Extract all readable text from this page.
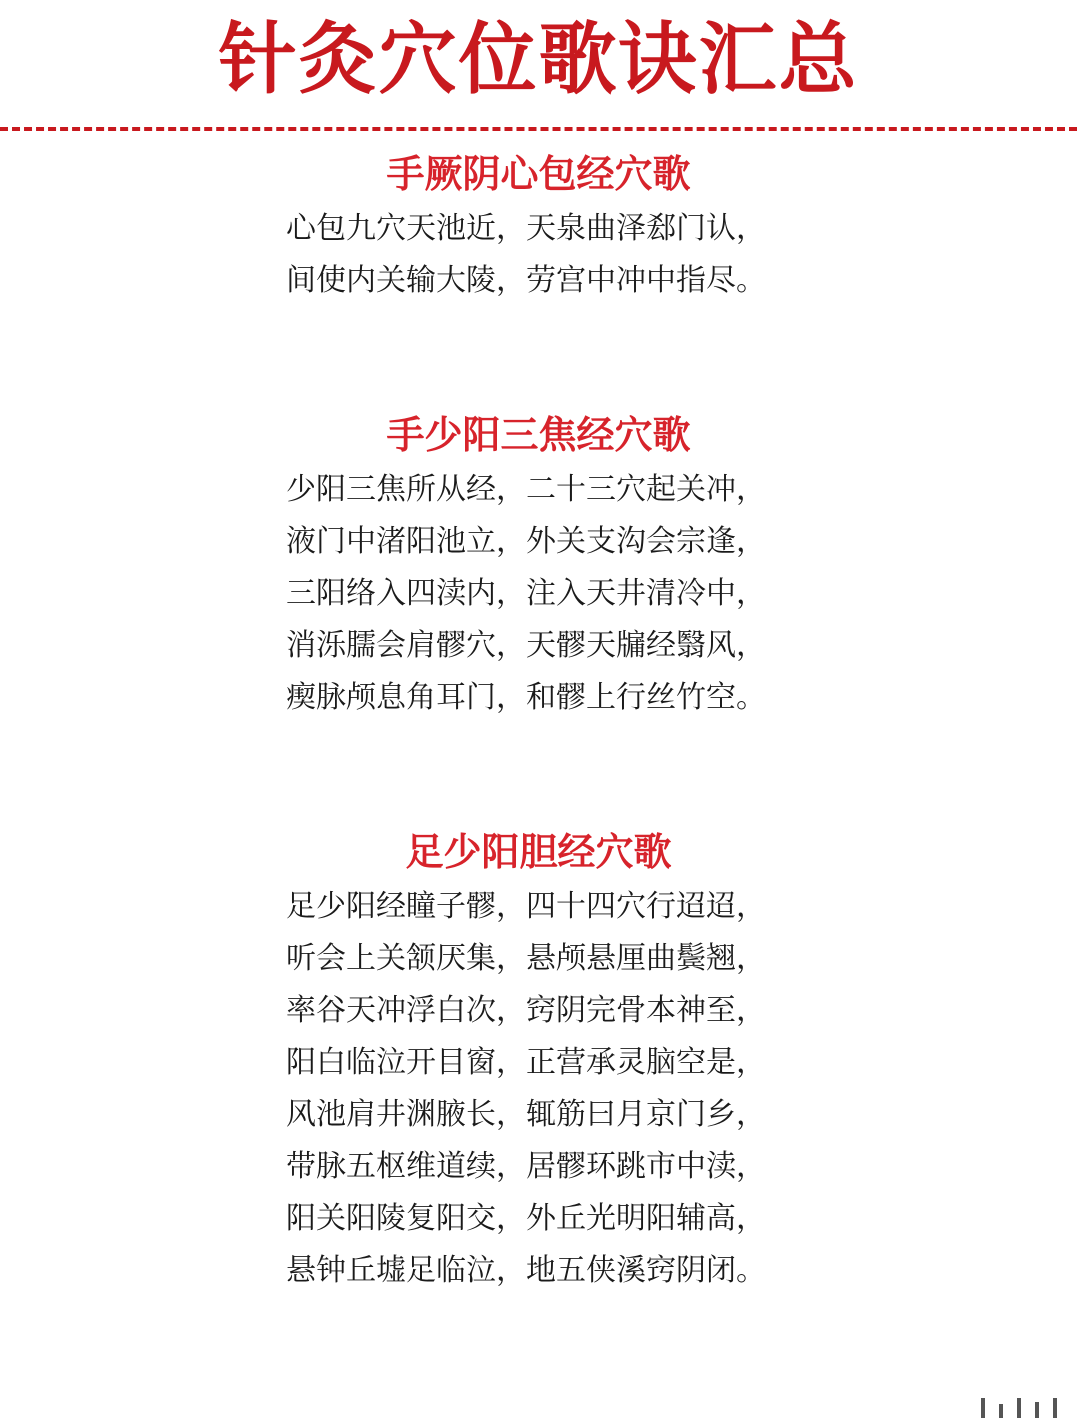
针灸穴位歌诀汇总
手厥阴心包经穴歌

心包九穴天池近，天泉曲泽郄门认，

间使内关输大陵，劳宫中冲中指尽。

手少阳三焦经穴歌

少阳三焦所从经，二十三穴起关冲，

液门中渚阳池立，外关支沟会宗逢，

三阳络入四渎内，注入天井清冷中，

消泺臑会肩髎穴，天髎天牖经翳风，

瘈脉颅息角耳门，和髎上行丝竹空。

足少阳胆经穴歌

足少阳经瞳子髎，四十四穴行迢迢，

听会上关颔厌集，悬颅悬厘曲鬓翘，

率谷天冲浮白次，窍阴完骨本神至，

阳白临泣开目窗，正营承灵脑空是，

风池肩井渊腋长，辄筋曰月京门乡，

带脉五枢维道续，居髎环跳市中渎，

阳关阳陵复阳交，外丘光明阳辅高，

悬钟丘墟足临泣，地五侠溪窍阴闭。
